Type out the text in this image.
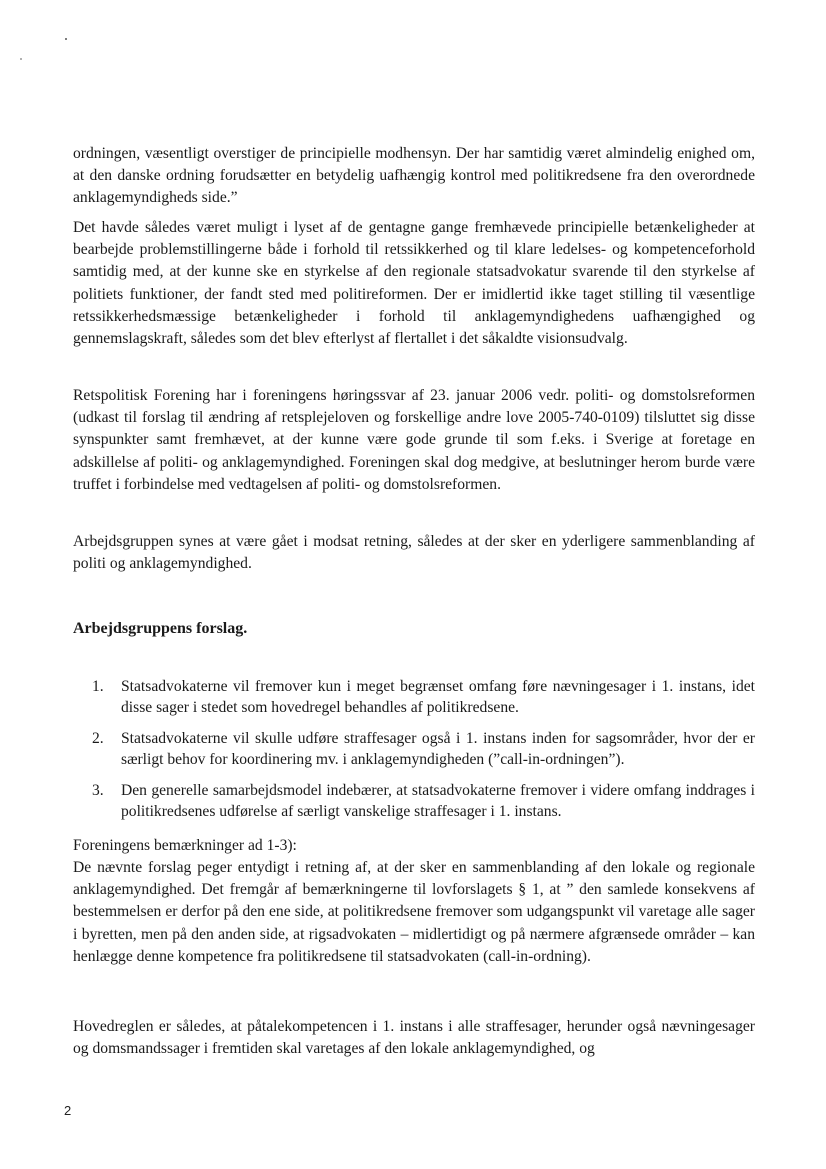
ordningen, væsentligt overstiger de principielle modhensyn. Der har samtidig været almindelig enighed om, at den danske ordning forudsætter en betydelig uafhængig kontrol med politikredsene fra den overordnede anklagemyndigheds side.”

Det havde således været muligt i lyset af de gentagne gange fremhævede principielle betænkeligheder at bearbejde problemstillingerne både i forhold til retssikkerhed og til klare ledelses- og kompetenceforhold samtidig med, at der kunne ske en styrkelse af den regionale statsadvokatur svarende til den styrkelse af politiets funktioner, der fandt sted med politireformen. Der er imidlertid ikke taget stilling til væsentlige retssikkerhedsmæssige betænkeligheder i forhold til anklagemyndighedens uafhængighed og gennemslagskraft, således som det blev efterlyst af flertallet i det såkaldte visionsudvalg.

Retspolitisk Forening har i foreningens høringssvar af 23. januar 2006 vedr. politi- og domstolsreformen (udkast til forslag til ændring af retsplejeloven og forskellige andre love 2005-740-0109) tilsluttet sig disse synspunkter samt fremhævet, at der kunne være gode grunde til som f.eks. i Sverige at foretage en adskillelse af politi- og anklagemyndighed. Foreningen skal dog medgive, at beslutninger herom burde være truffet i forbindelse med vedtagelsen af politi- og domstolsreformen.

Arbejdsgruppen synes at være gået i modsat retning, således at der sker en yderligere sammenblanding af politi og anklagemyndighed.

Arbejdsgruppens forslag.
1.	Statsadvokaterne vil fremover kun i meget begrænset omfang føre nævningesager i 1. instans, idet disse sager i stedet som hovedregel behandles af politikredsene.
2.	Statsadvokaterne vil skulle udføre straffesager også i 1. instans inden for sagsområder, hvor der er særligt behov for koordinering mv. i anklagemyndigheden (”call-in-ordningen”).
3.	Den generelle samarbejdsmodel indebærer, at statsadvokaterne fremover i videre omfang inddrages i politikredsenes udførelse af særligt vanskelige straffesager i 1. instans.

Foreningens bemærkninger ad 1-3):

De nævnte forslag peger entydigt i retning af, at der sker en sammenblanding af den lokale og regionale anklagemyndighed. Det fremgår af bemærkningerne til lovforslagets § 1, at ” den samlede konsekvens af bestemmelsen er derfor på den ene side, at politikredsene fremover som udgangspunkt vil varetage alle sager i byretten, men på den anden side, at rigsadvokaten – midlertidigt og på nærmere afgrænsede områder – kan henlægge denne kompetence fra politikredsene til statsadvokaten (call-in-ordning).

Hovedreglen er således, at påtalekompetencen i 1. instans i alle straffesager, herunder også nævningesager og domsmandssager i fremtiden skal varetages af den lokale anklagemyndighed, og

2
